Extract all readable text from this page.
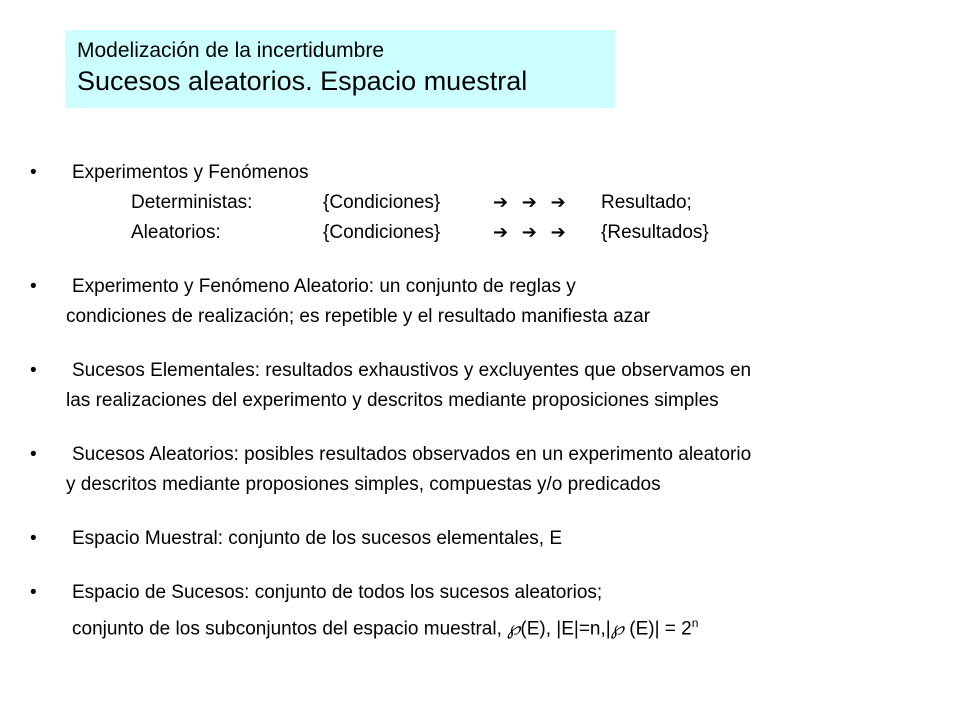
Modelización de la incertidumbre
Sucesos aleatorios. Espacio muestral
• Experimentos y Fenómenos
Deterministas:	{Condiciones}	➔ ➔ ➔ Resultado;
Aleatorios:	{Condiciones}	➔ ➔ ➔ {Resultados}
• Experimento y Fenómeno Aleatorio: un conjunto de reglas y
condiciones de realización; es repetible y el resultado manifiesta azar
• Sucesos Elementales: resultados exhaustivos y excluyentes que observamos en
las realizaciones del experimento y descritos mediante proposiciones simples
• Sucesos Aleatorios: posibles resultados observados en un experimento aleatorio
y descritos mediante proposiones simples, compuestas y/o predicados
• Espacio Muestral: conjunto de los sucesos elementales, E
• Espacio de Sucesos: conjunto de todos los sucesos aleatorios;
conjunto de los subconjuntos del espacio muestral, ℘(E), |E|=n,|℘ $(E)| = 2^n$
